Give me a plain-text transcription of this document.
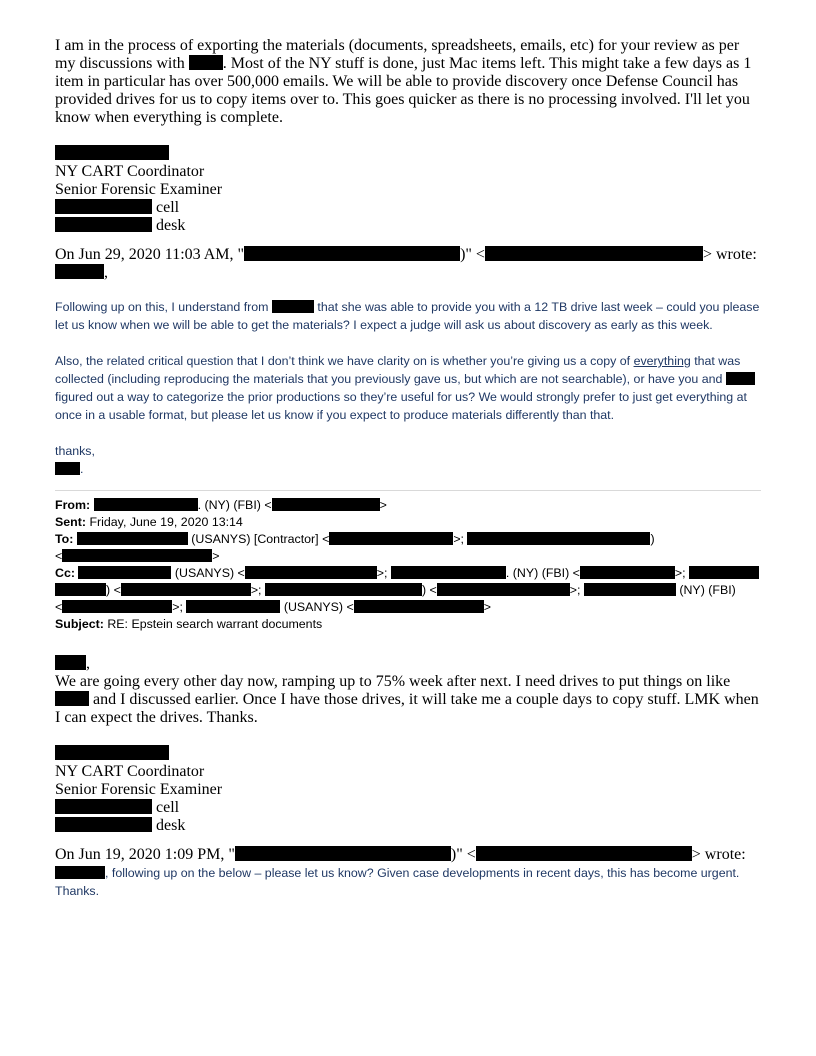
I am in the process of exporting the materials (documents, spreadsheets, emails, etc) for your review as per my discussions with . Most of the NY stuff is done, just Mac items left. This might take a few days as 1 item in particular has over 500,000 emails. We will be able to provide discovery once Defense Council has provided drives for us to copy items over to. This goes quicker as there is no processing involved. I'll let you know when everything is complete.

NY CART Coordinator
Senior Forensic Examiner
cell
desk
On Jun 29, 2020 11:03 AM, "	)" <	> wrote:
,

Following up on this, I understand from	that she was able to provide you with a 12 TB drive last week – could you please let us know when we will be able to get the materials? I expect a judge will ask us about discovery as early as this week.

Also, the related critical question that I don’t think we have clarity on is whether you’re giving us a copy of everything that was collected (including reproducing the materials that you previously gave us, but which are not searchable), or have you and  figured out a way to categorize the prior productions so they’re useful for us? We would strongly prefer to just get everything at once in a usable format, but please let us know if you expect to produce materials differently than that.

thanks,

.

From:	. (NY) (FBI) <	>
Sent: Friday, June 19, 2020 13:14
To:	(USANYS) [Contractor] <	>;	)
<	>
Cc:	(USANYS) <	>;	. (NY) (FBI) <	>;
) <	>;	) <	>;	(NY) (FBI)
<	>;	(USANYS) <	>
Subject: RE: Epstein search warrant documents
,

We are going every other day now, ramping up to 75% week after next. I need drives to put things on like
and I discussed earlier. Once I have those drives, it will take me a couple days to copy stuff. LMK when I can expect the drives. Thanks.

NY CART Coordinator
Senior Forensic Examiner
cell
desk
On Jun 19, 2020 1:09 PM, "	)" <	> wrote:

, following up on the below – please let us know? Given case developments in recent days, this has become urgent. Thanks.
